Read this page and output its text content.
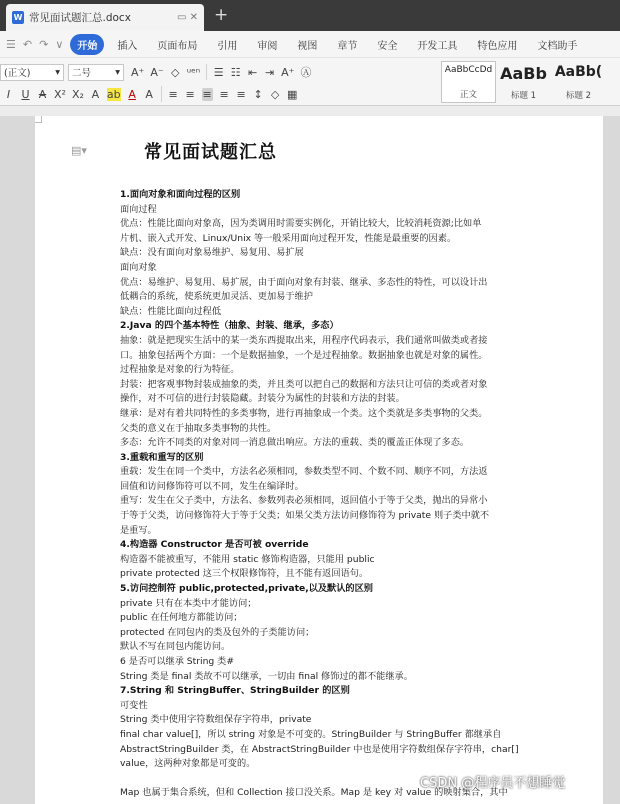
W 常见面试题汇总.docx	▭ ✕ +
☰ ↶ ↷ ∨	开始	插入	页面布局	引用	审阅	视图	章节	安全	开发工具	特色应用	文档助手
(正文)	▾ 二号	▾ A⁺ A⁻ ◇ ᵘᵉⁿ ☰ ☷ ⇤ ⇥ A⁺ Ⓐ
I	U A X² X₂ A ab A A ≡ ≡ ≡ ≡ ≡ ↕ ◇ ▦
AaBbCcDd
正文
AaBb
标题 1
AaBb(
标题 2
▤▾	常见面试题汇总
1.面向对象和面向过程的区别
面向过程
优点：性能比面向对象高，因为类调用时需要实例化，开销比较大，比较消耗资源;比如单
片机、嵌入式开发、Linux/Unix 等一般采用面向过程开发，性能是最重要的因素。
缺点：没有面向对象易维护、易复用、易扩展
面向对象
优点：易维护、易复用、易扩展，由于面向对象有封装、继承、多态性的特性，可以设计出
低耦合的系统，使系统更加灵活、更加易于维护
缺点：性能比面向过程低
2.Java 的四个基本特性（抽象、封装、继承，多态）
抽象：就是把现实生活中的某一类东西提取出来，用程序代码表示，我们通常叫做类或者接
口。抽象包括两个方面：一个是数据抽象，一个是过程抽象。数据抽象也就是对象的属性。
过程抽象是对象的行为特征。
封装：把客观事物封装成抽象的类，并且类可以把自己的数据和方法只让可信的类或者对象
操作，对不可信的进行封装隐藏。封装分为属性的封装和方法的封装。
继承：是对有着共同特性的多类事物，进行再抽象成一个类。这个类就是多类事物的父类。
父类的意义在于抽取多类事物的共性。
多态：允许不同类的对象对同一消息做出响应。方法的重载、类的覆盖正体现了多态。
3.重载和重写的区别
重载：发生在同一个类中，方法名必须相同，参数类型不同、个数不同、顺序不同，方法返
回值和访问修饰符可以不同，发生在编译时。
重写：发生在父子类中，方法名、参数列表必须相同，返回值小于等于父类，抛出的异常小
于等于父类，访问修饰符大于等于父类；如果父类方法访问修饰符为 private 则子类中就不
是重写。
4.构造器 Constructor 是否可被 override
构造器不能被重写，不能用 static 修饰构造器，只能用 public
private protected 这三个权限修饰符，且不能有返回语句。
5.访问控制符 public,protected,private,以及默认的区别
private 只有在本类中才能访问；
public 在任何地方都能访问；
protected 在同包内的类及包外的子类能访问；
默认不写在同包内能访问。
6 是否可以继承 String 类#
String 类是 final 类故不可以继承，一切由 final 修饰过的都不能继承。
7.String 和 StringBuffer、StringBuilder 的区别
可变性
String 类中使用字符数组保存字符串，private
final char value[]，所以 string 对象是不可变的。StringBuilder 与 StringBuffer 都继承自
AbstractStringBuilder 类，在 AbstractStringBuilder 中也是使用字符数组保存字符串，char[]
value，这两种对象都是可变的。
Map 也属于集合系统，但和 Collection 接口没关系。Map 是 key 对 value 的映射集合，其中
CSDN @程序员不想睡觉
